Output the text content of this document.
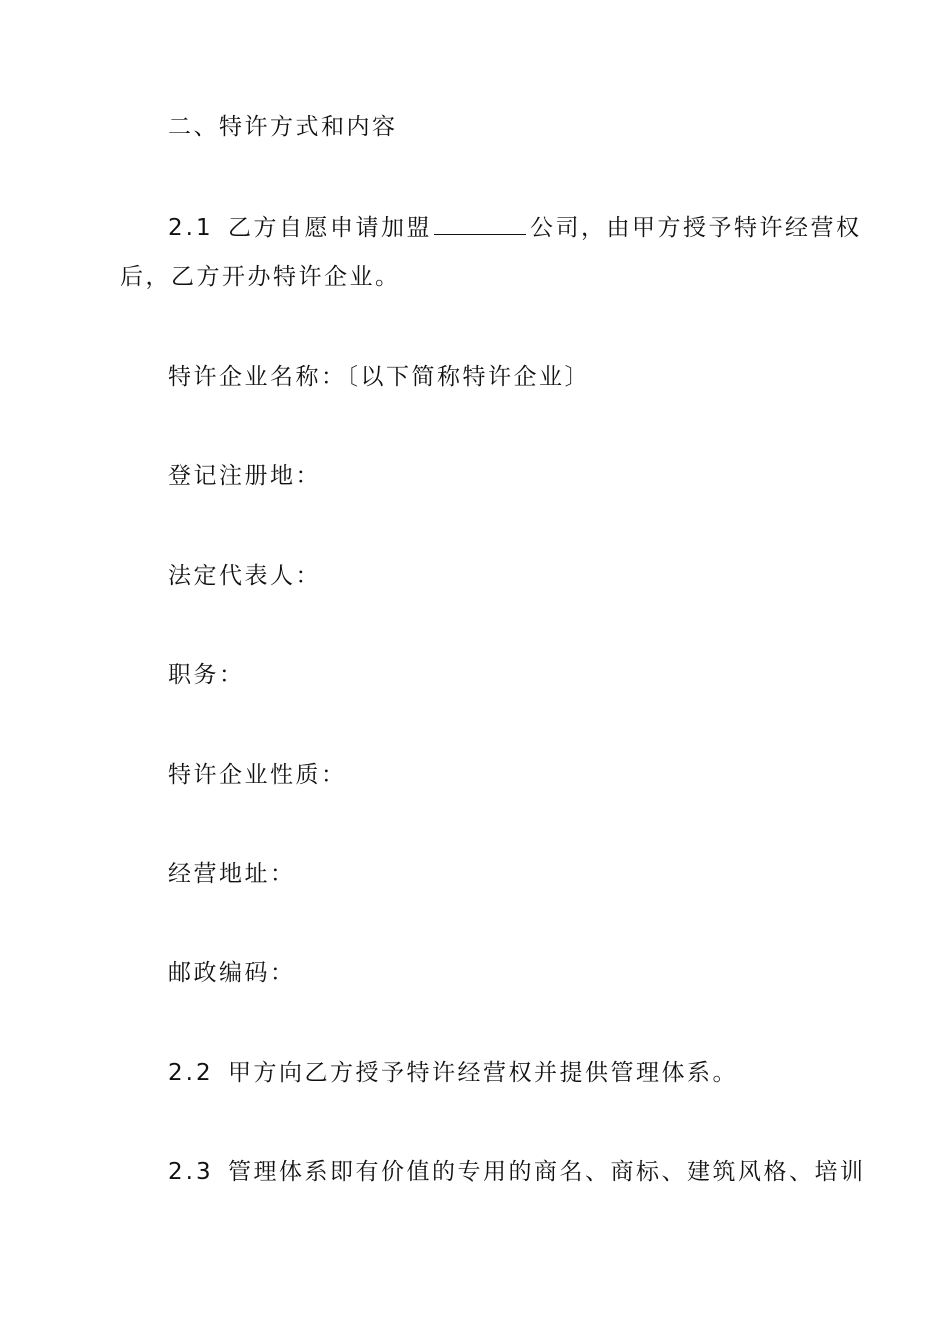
二、特许方式和内容
2.1 乙方自愿申请加盟	公司，由甲方授予特许经营权
后，乙方开办特许企业。
特许企业名称：〔以下简称特许企业〕
登记注册地：
法定代表人：
职务：
特许企业性质：
经营地址：
邮政编码：
2.2 甲方向乙方授予特许经营权并提供管理体系。
2.3 管理体系即有价值的专用的商名、商标、建筑风格、培训
